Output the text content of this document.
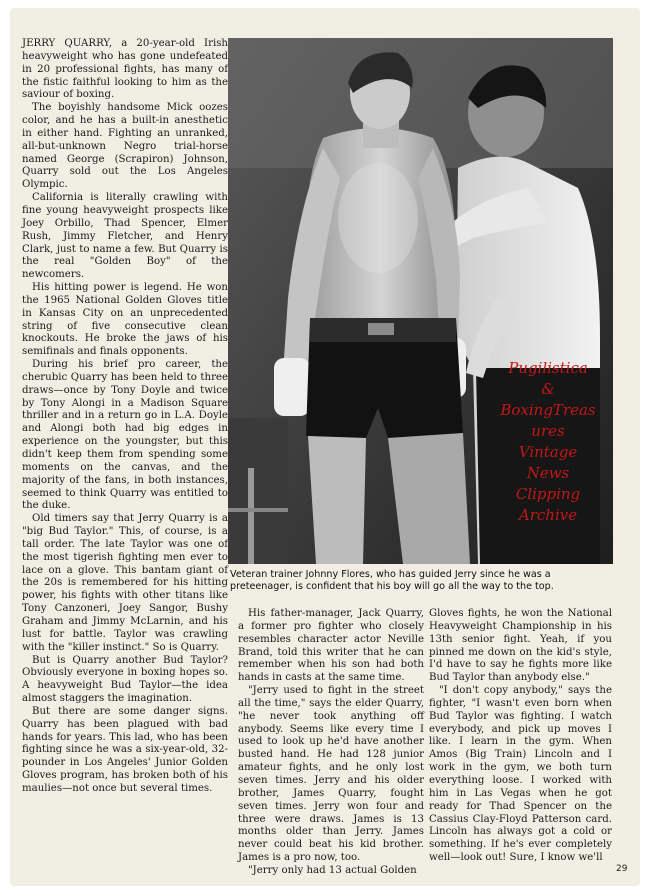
JERRY QUARRY, a 20-year-old Irish heavyweight who has gone undefeated in 20 professional fights, has many of the fistic faithful looking to him as the saviour of boxing.

The boyishly handsome Mick oozes color, and he has a built-in anesthetic in either hand. Fighting an unranked, all-but-unknown Negro trial-horse named George (Scrapiron) Johnson, Quarry sold out the Los Angeles Olympic.

California is literally crawling with fine young heavyweight prospects like Joey Orbillo, Thad Spencer, Elmer Rush, Jimmy Fletcher, and Henry Clark, just to name a few. But Quarry is the real "Golden Boy" of the newcomers.

His hitting power is legend. He won the 1965 National Golden Gloves title in Kansas City on an unprecedented string of five consecutive clean knockouts. He broke the jaws of his semifinals and finals opponents.

During his brief pro career, the cherubic Quarry has been held to three draws—once by Tony Doyle and twice by Tony Alongi in a Madison Square thriller and in a return go in L.A. Doyle and Alongi both had big edges in experience on the youngster, but this didn't keep them from spending some moments on the canvas, and the majority of the fans, in both instances, seemed to think Quarry was entitled to the duke.

Old timers say that Jerry Quarry is a "big Bud Taylor." This, of course, is a tall order. The late Taylor was one of the most tigerish fighting men ever to lace on a glove. This bantam giant of the 20s is remembered for his hitting power, his fights with other titans like Tony Canzoneri, Joey Sangor, Bushy Graham and Jimmy McLarnin, and his lust for battle. Taylor was crawling with the "killer instinct." So is Quarry.

But is Quarry another Bud Taylor? Obviously everyone in boxing hopes so. A heavyweight Bud Taylor—the idea almost staggers the imagination.

But there are some danger signs. Quarry has been plagued with bad hands for years. This lad, who has been fighting since he was a six-year-old, 32-pounder in Los Angeles' Junior Golden Gloves program, has broken both of his maulies—not once but several times.

Pugilistica
&
BoxingTreas
ures
Vintage
News
Clipping
Archive
Veteran trainer Johnny Flores, who has guided Jerry since he was a preteenager, is confident that his boy will go all the way to the top.

His father-manager, Jack Quarry, a former pro fighter who closely resembles character actor Neville Brand, told this writer that he can remember when his son had both hands in casts at the same time.

"Jerry used to fight in the street all the time," says the elder Quarry, "he never took anything off anybody. Seems like every time I used to look up he'd have another busted hand. He had 128 junior amateur fights, and he only lost seven times. Jerry and his older brother, James Quarry, fought seven times. Jerry won four and three were draws. James is 13 months older than Jerry. James never could beat his kid brother. James is a pro now, too.

"Jerry only had 13 actual Golden

Gloves fights, he won the National Heavyweight Championship in his 13th senior fight. Yeah, if you pinned me down on the kid's style, I'd have to say he fights more like Bud Taylor than anybody else."

"I don't copy anybody," says the fighter, "I wasn't even born when Bud Taylor was fighting. I watch everybody, and pick up moves I like. I learn in the gym. When Amos (Big Train) Lincoln and I work in the gym, we both turn everything loose. I worked with him in Las Vegas when he got ready for Thad Spencer on the Cassius Clay-Floyd Patterson card. Lincoln has always got a cold or something. If he's ever completely well—look out! Sure, I know we'll

29
